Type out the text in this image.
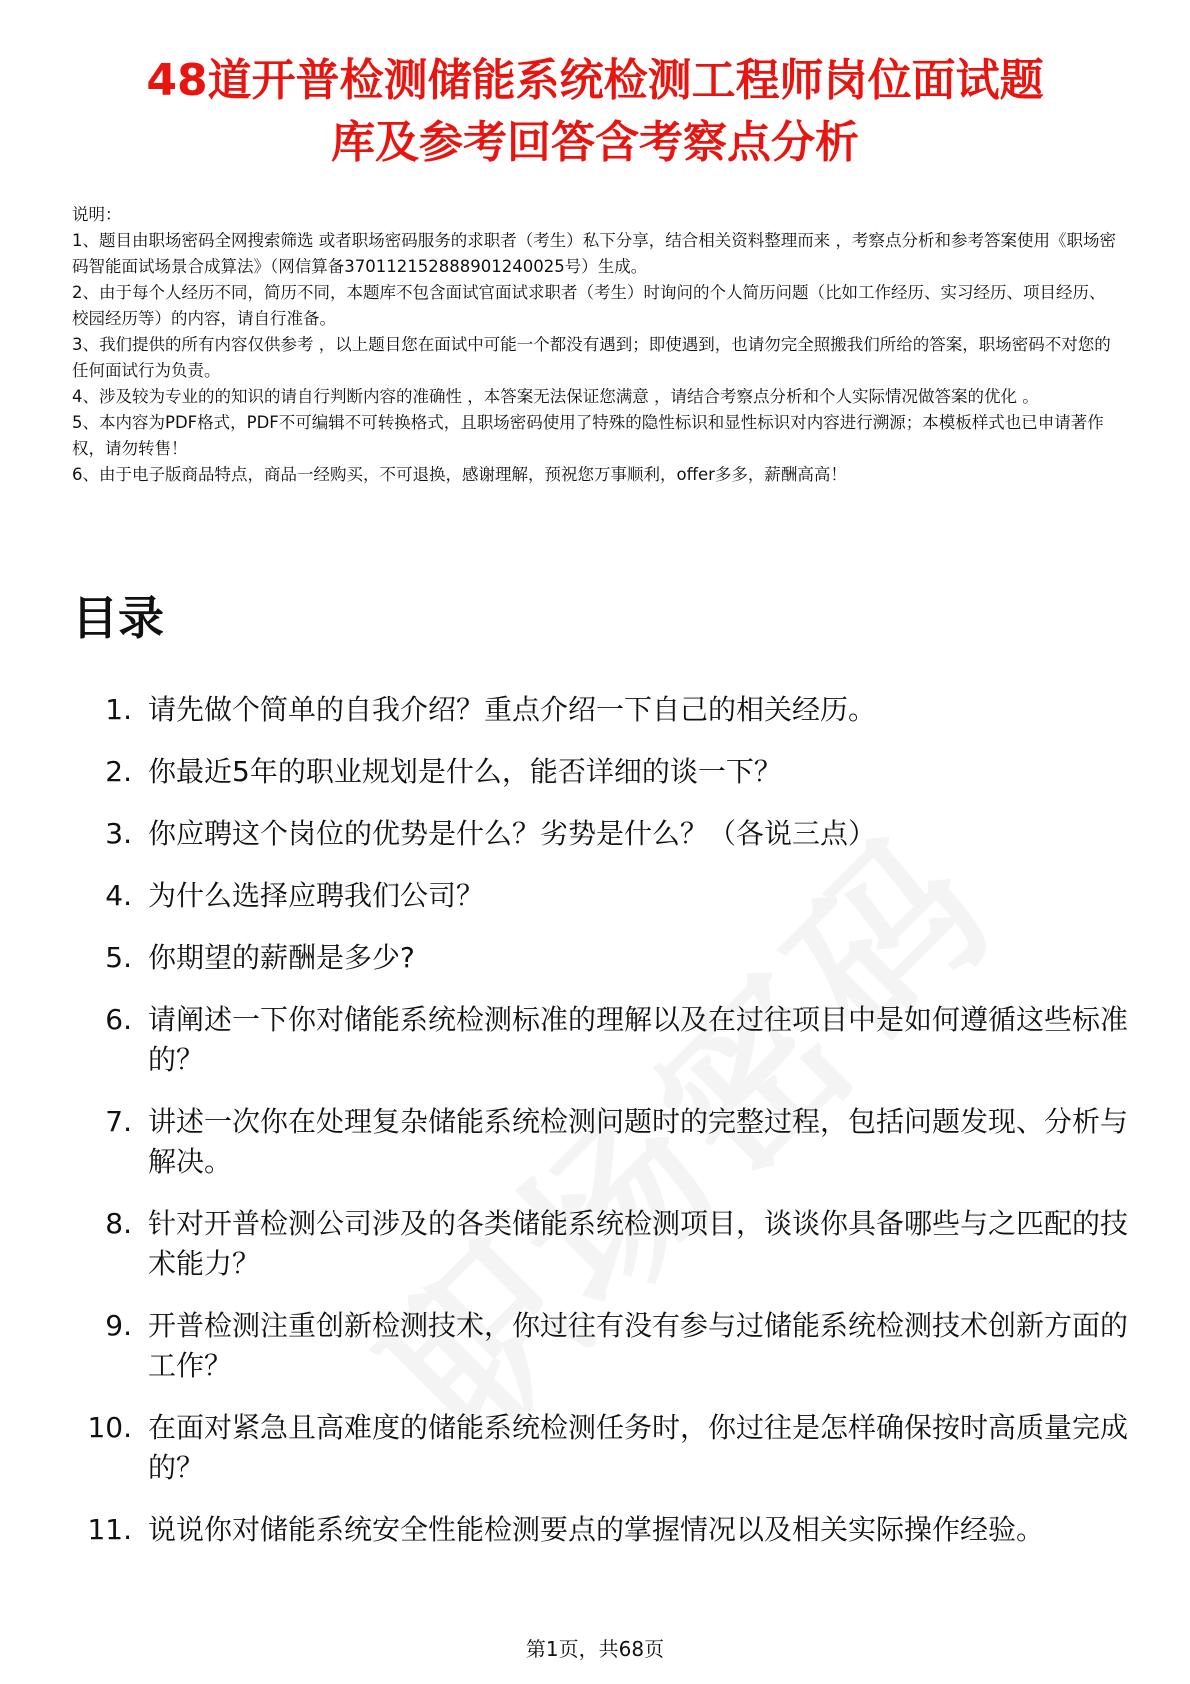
48道开普检测储能系统检测工程师岗位面试题
库及参考回答含考察点分析

说明：

1、题目由职场密码全网搜索筛选 或者职场密码服务的求职者（考生）私下分享，结合相关资料整理而来 ，考察点分析和参考答案使用《职场密码智能面试场景合成算法》（网信算备370112152888901240025号）生成。

2、由于每个人经历不同，简历不同，本题库不包含面试官面试求职者（考生）时询问的个人简历问题（比如工作经历、实习经历、项目经历、校园经历等）的内容，请自行准备。

3、我们提供的所有内容仅供参考 ，以上题目您在面试中可能一个都没有遇到；即使遇到，也请勿完全照搬我们所给的答案，职场密码不对您的任何面试行为负责。

4、涉及较为专业的的知识的请自行判断内容的准确性 ，本答案无法保证您满意 ，请结合考察点分析和个人实际情况做答案的优化 。

5、本内容为PDF格式，PDF不可编辑不可转换格式，且职场密码使用了特殊的隐性标识和显性标识对内容进行溯源；本模板样式也已申请著作权，请勿转售！

6、由于电子版商品特点，商品一经购买，不可退换，感谢理解，预祝您万事顺利，offer多多，薪酬高高！

目录
1. 请先做个简单的自我介绍？重点介绍一下自己的相关经历。
2. 你最近5年的职业规划是什么，能否详细的谈一下？
3. 你应聘这个岗位的优势是什么？劣势是什么？（各说三点）
4. 为什么选择应聘我们公司？
5. 你期望的薪酬是多少?
6. 请阐述一下你对储能系统检测标准的理解以及在过往项目中是如何遵循这些标准的？
7. 讲述一次你在处理复杂储能系统检测问题时的完整过程，包括问题发现、分析与解决。
8. 针对开普检测公司涉及的各类储能系统检测项目，谈谈你具备哪些与之匹配的技术能力？
9. 开普检测注重创新检测技术，你过往有没有参与过储能系统检测技术创新方面的工作？
10. 在面对紧急且高难度的储能系统检测任务时，你过往是怎样确保按时高质量完成的？
11. 说说你对储能系统安全性能检测要点的掌握情况以及相关实际操作经验。
第1页，共68页
